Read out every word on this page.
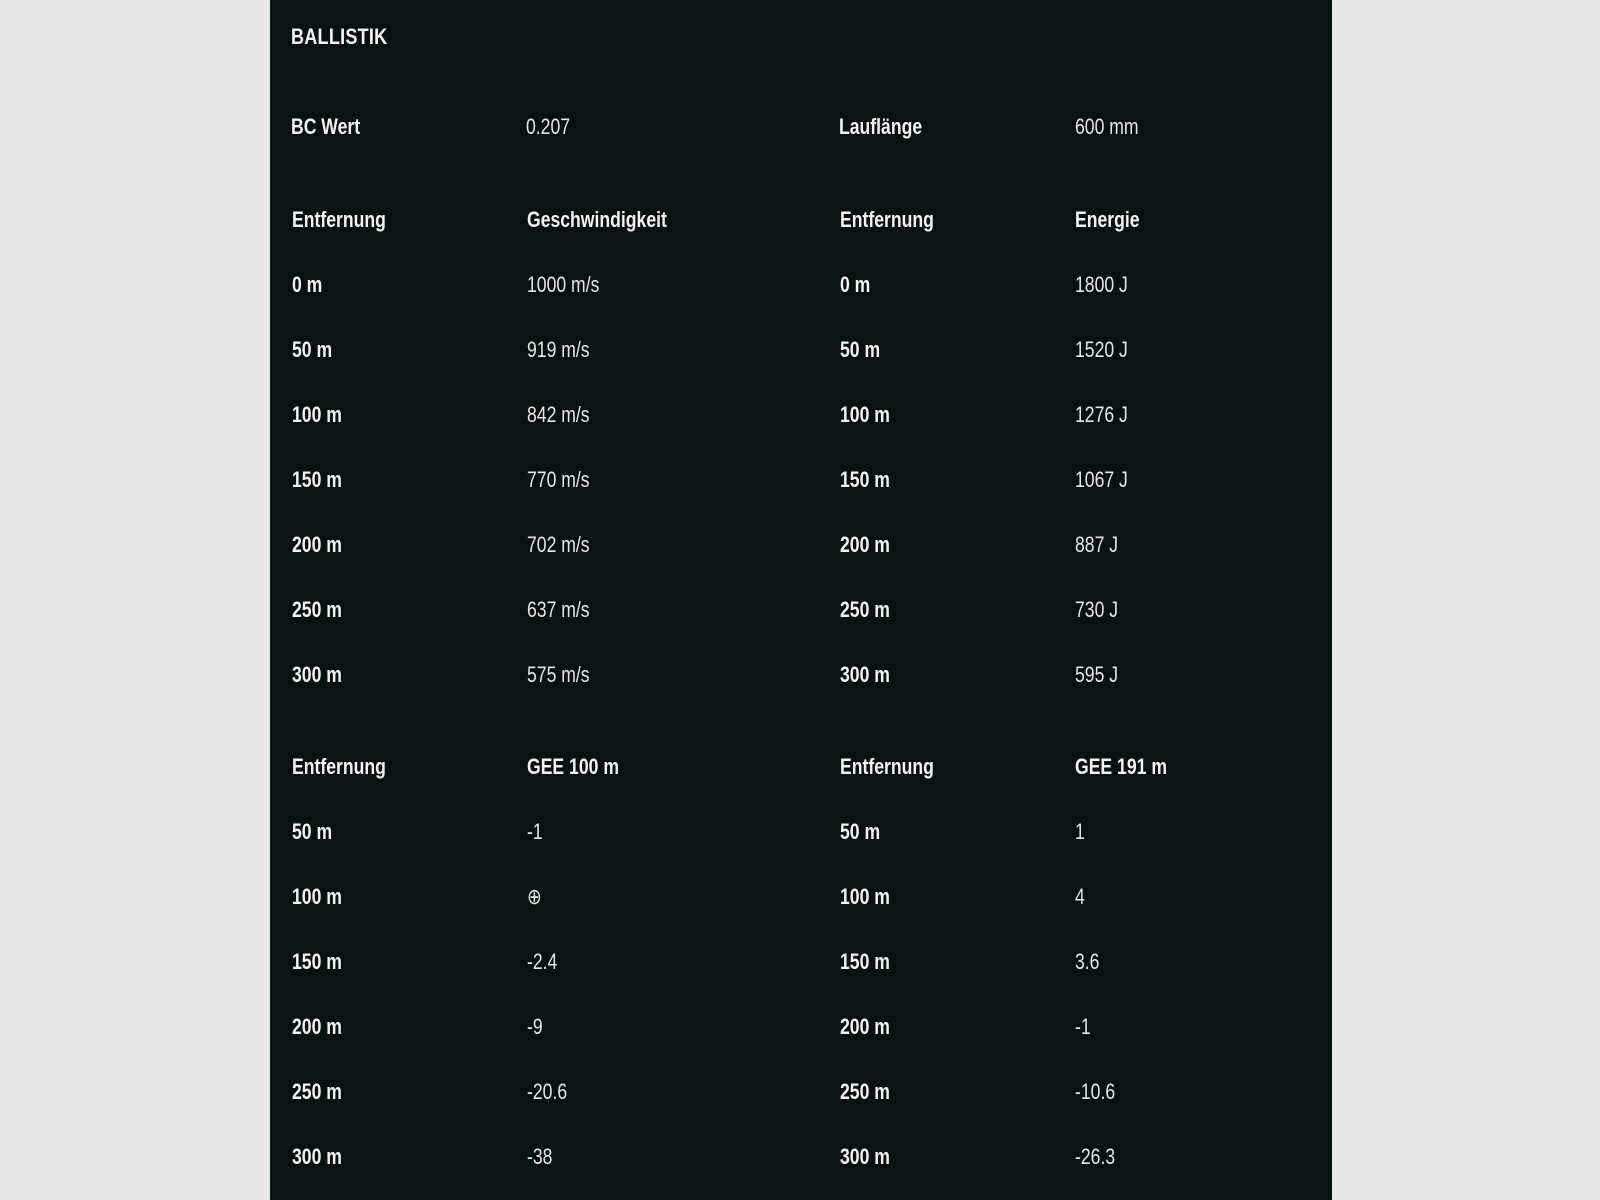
BALLISTIK
BC Wert	0.207	Lauflänge	600 mm
Entfernung	Geschwindigkeit
0 m	1000 m/s
50 m	919 m/s
100 m	842 m/s
150 m	770 m/s
200 m	702 m/s
250 m	637 m/s
300 m	575 m/s
Entfernung	Energie
0 m	1800 J
50 m	1520 J
100 m	1276 J
150 m	1067 J
200 m	887 J
250 m	730 J
300 m	595 J
Entfernung	GEE 100 m
50 m	-1
100 m	⊕
150 m	-2.4
200 m	-9
250 m	-20.6
300 m	-38
Entfernung	GEE 191 m
50 m	1
100 m	4
150 m	3.6
200 m	-1
250 m	-10.6
300 m	-26.3
